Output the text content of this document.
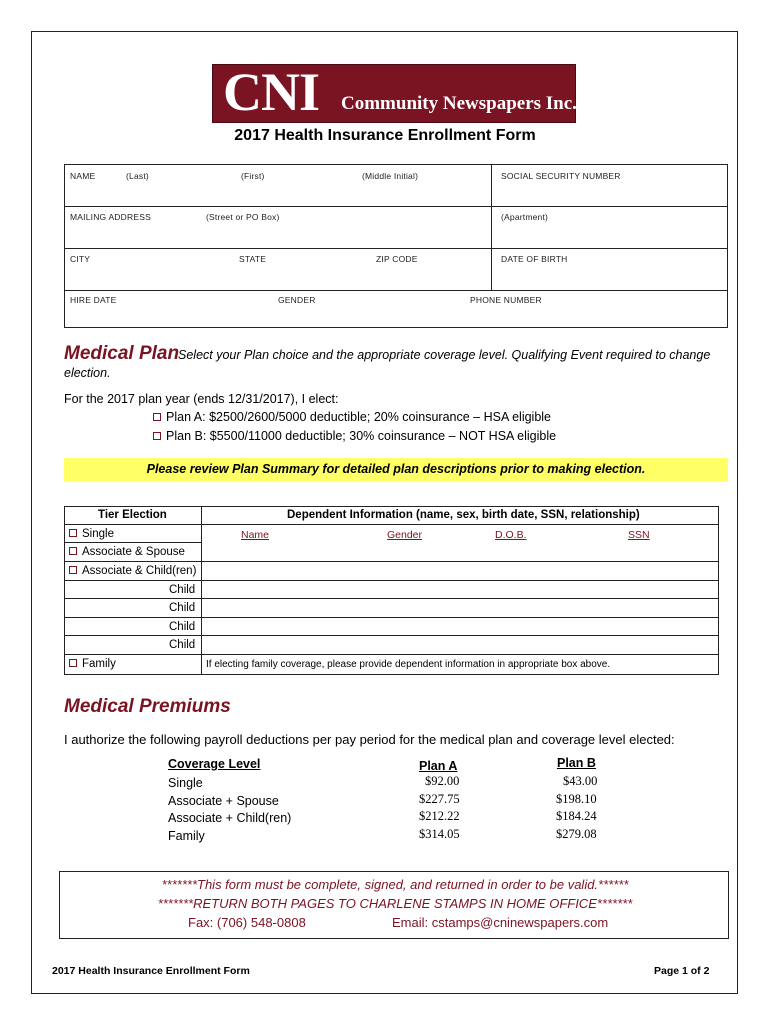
CNI Community Newspapers Inc.
2017 Health Insurance Enrollment Form
NAME	(Last)	(First)	(Middle Initial)	SOCIAL SECURITY NUMBER
MAILING ADDRESS	(Street or PO Box)	(Apartment)
CITY	STATE	ZIP CODE	DATE OF BIRTH
HIRE DATE	GENDER	PHONE NUMBER
Medical Plan
Select your Plan choice and the appropriate coverage level. Qualifying Event required to change
election.
For the 2017 plan year (ends 12/31/2017), I elect:
Plan A: $2500/2600/5000 deductible; 20% coinsurance – HSA eligible
Plan B: $5500/11000 deductible; 30% coinsurance – NOT HSA eligible
Please review Plan Summary for detailed plan descriptions prior to making election.
Tier Election	Dependent Information (name, sex, birth date, SSN, relationship)
Name	Gender	D.O.B.	SSN
Single
Associate & Spouse
Associate & Child(ren)
Child
Child
Child
Child
Family	If electing family coverage, please provide dependent information in appropriate box above.
Medical Premiums
I authorize the following payroll deductions per pay period for the medical plan and coverage level elected:
Coverage Level	Plan A	Plan B
Single	$92.00	$43.00
Associate + Spouse	$227.75	$198.10
Associate + Child(ren)	$212.22	$184.24
Family	$314.05	$279.08
*******This form must be complete, signed, and returned in order to be valid.******
*******RETURN BOTH PAGES TO CHARLENE STAMPS IN HOME OFFICE*******
Fax: (706) 548-0808	Email: cstamps@cninewspapers.com
2017 Health Insurance Enrollment Form	Page 1 of 2
